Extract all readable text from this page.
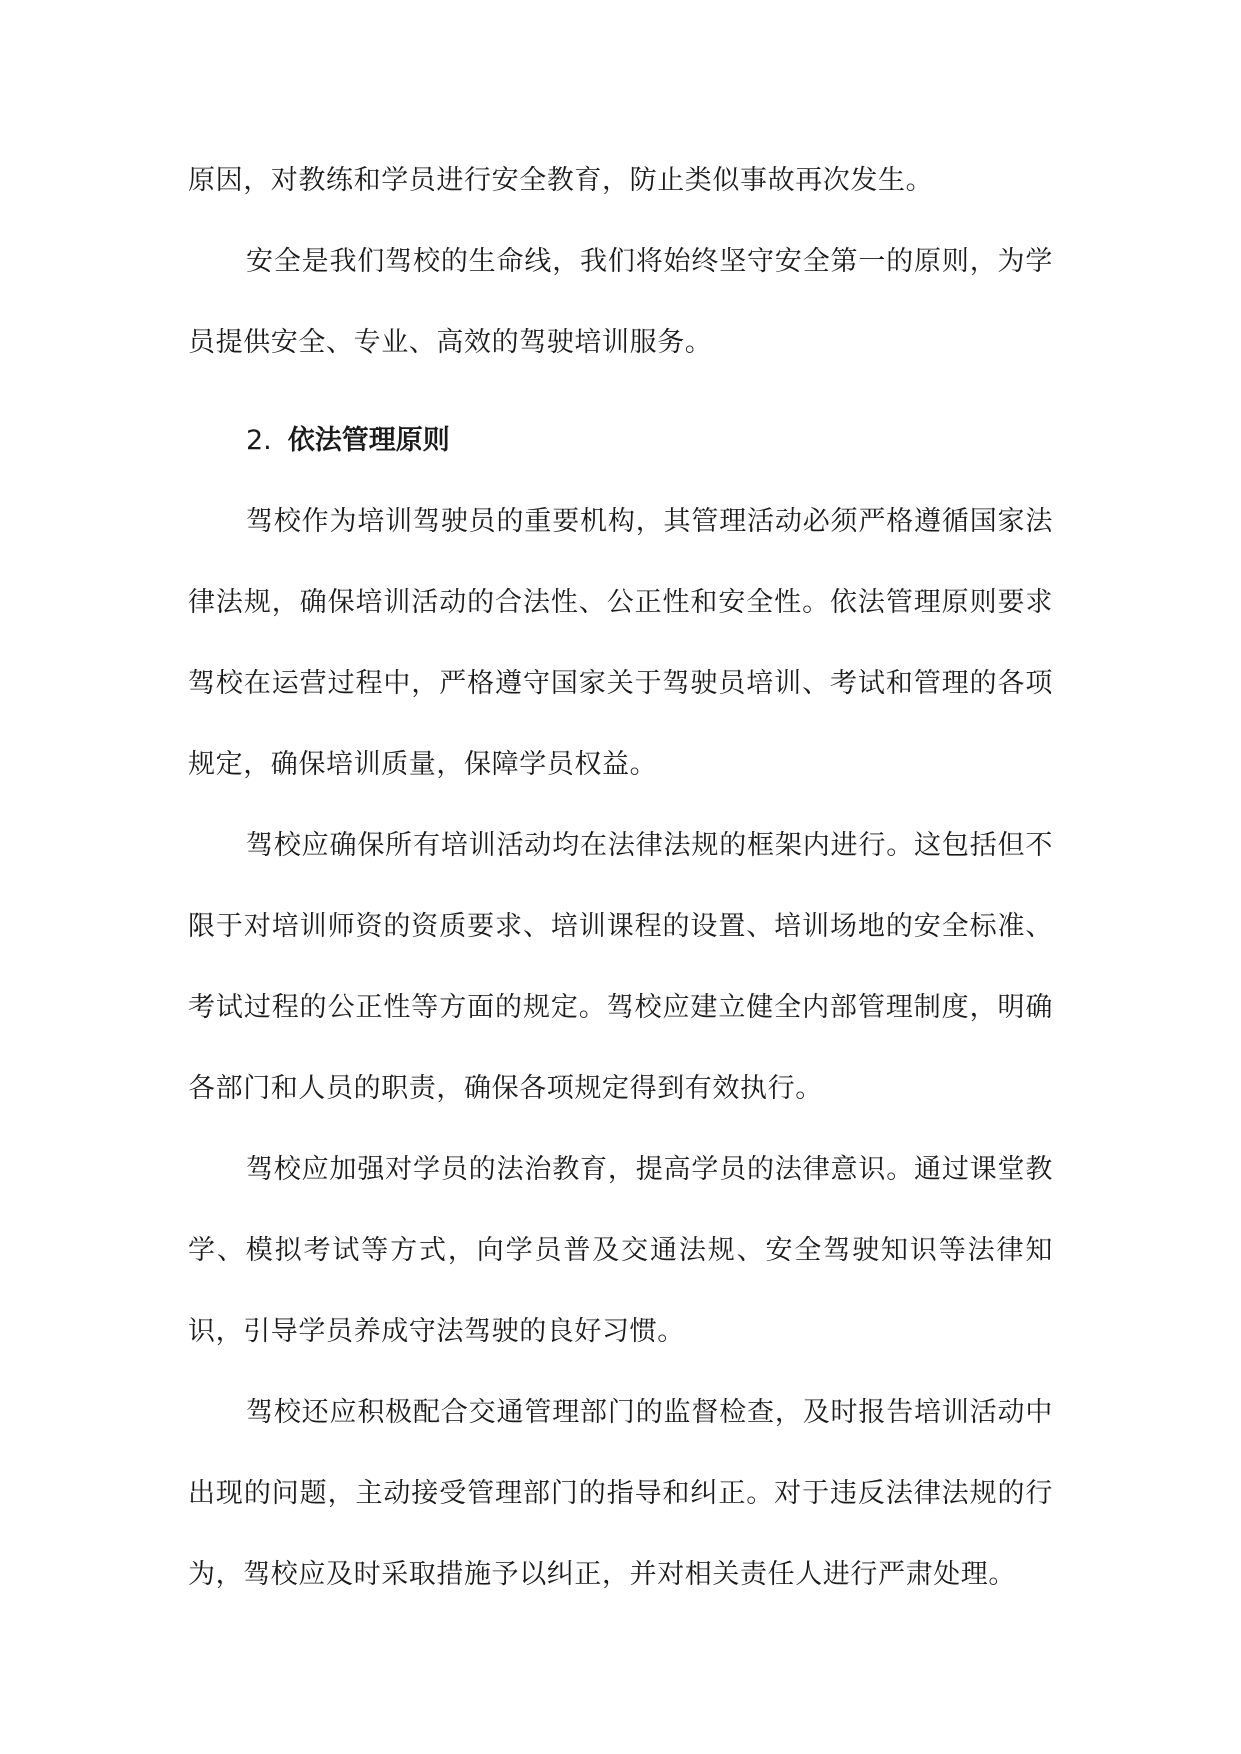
原因，对教练和学员进行安全教育，防止类似事故再次发生。

安全是我们驾校的生命线，我们将始终坚守安全第一的原则，为学员提供安全、专业、高效的驾驶培训服务。

2. 依法管理原则

驾校作为培训驾驶员的重要机构，其管理活动必须严格遵循国家法律法规，确保培训活动的合法性、公正性和安全性。依法管理原则要求驾校在运营过程中，严格遵守国家关于驾驶员培训、考试和管理的各项规定，确保培训质量，保障学员权益。

驾校应确保所有培训活动均在法律法规的框架内进行。这包括但不限于对培训师资的资质要求、培训课程的设置、培训场地的安全标准、考试过程的公正性等方面的规定。驾校应建立健全内部管理制度，明确各部门和人员的职责，确保各项规定得到有效执行。

驾校应加强对学员的法治教育，提高学员的法律意识。通过课堂教学、模拟考试等方式，向学员普及交通法规、安全驾驶知识等法律知识，引导学员养成守法驾驶的良好习惯。

驾校还应积极配合交通管理部门的监督检查，及时报告培训活动中出现的问题，主动接受管理部门的指导和纠正。对于违反法律法规的行为，驾校应及时采取措施予以纠正，并对相关责任人进行严肃处理。
